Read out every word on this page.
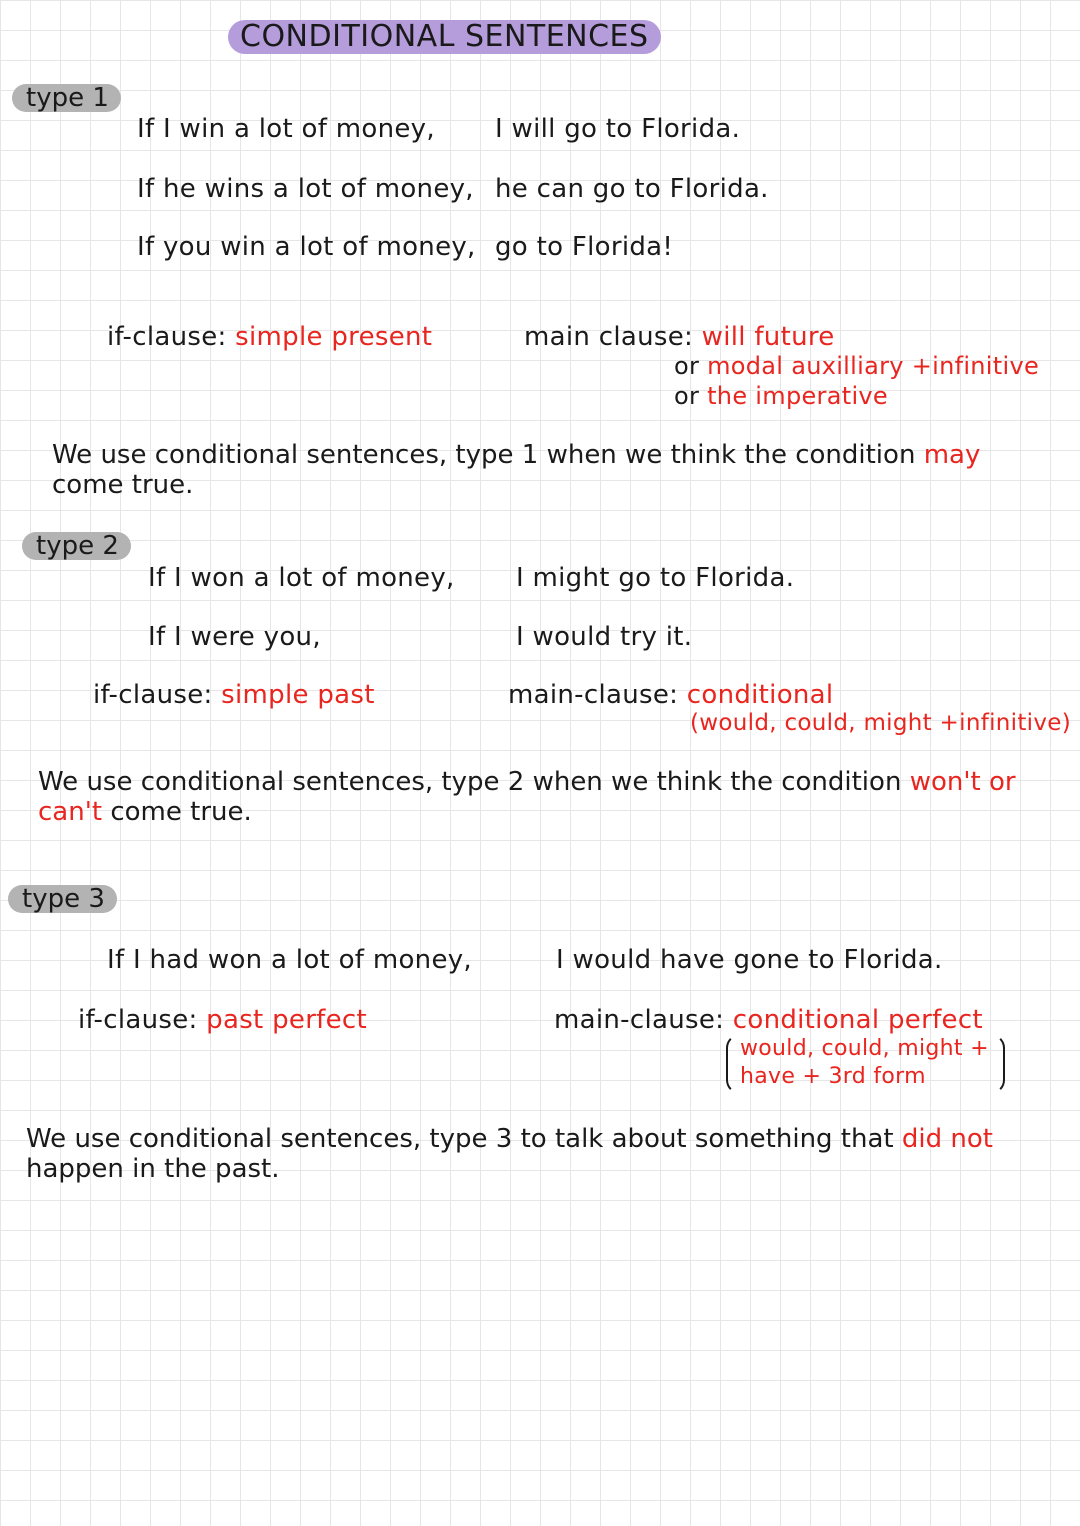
CONDITIONAL SENTENCES
type 1
If I win a lot of money, I will go to Florida.
If he wins a lot of money, he can go to Florida.
If you win a lot of money, go to Florida!
if-clause: simple present	main clause: will future
or modal auxilliary +infinitive
or the imperative
We use conditional sentences, type 1 when we think the condition may come true.
type 2
If I won a lot of money, I might go to Florida.
If I were you,	I would try it.
if-clause: simple past	main-clause: conditional
(would, could, might +infinitive)
We use conditional sentences, type 2 when we think the condition won't or can't come true.
type 3
If I had won a lot of money,	I would have gone to Florida.
if-clause: past perfect	main-clause: conditional perfect
would, could, might +
have + 3rd form
We use conditional sentences, type 3 to talk about something that did not happen in the past.
